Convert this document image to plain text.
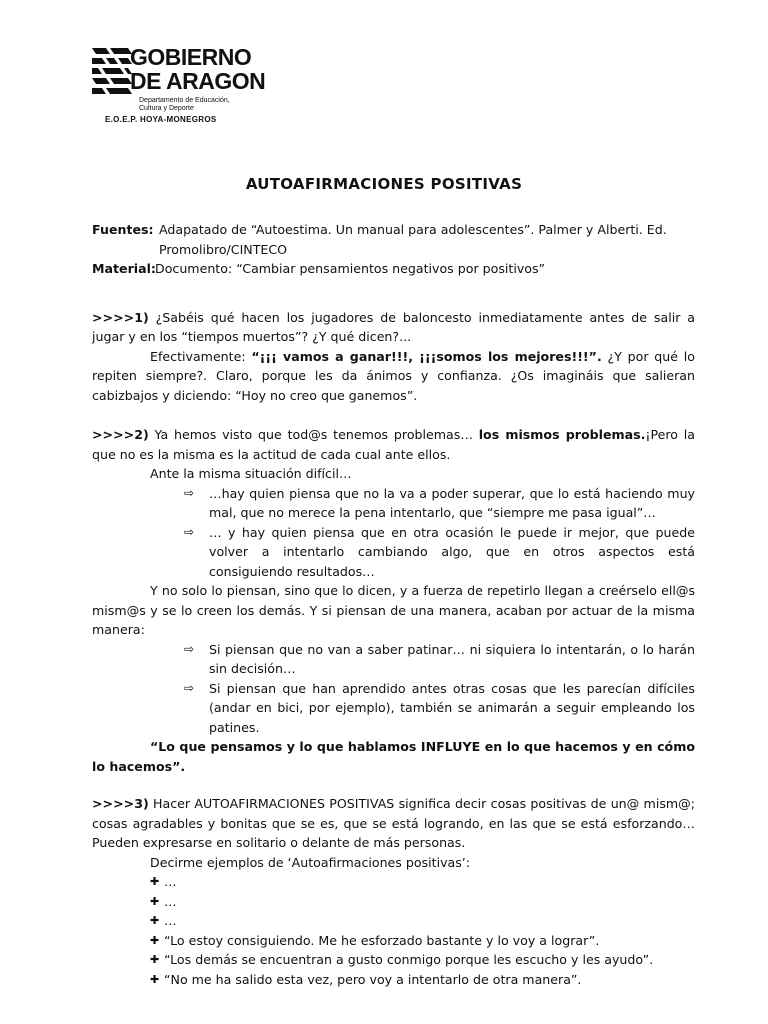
GOBIERNO
DE ARAGON
Departamento de Educación,
Cultura y Deporte
E.O.E.P. HOYA-MONEGROS
AUTOAFIRMACIONES POSITIVAS
Fuentes: Adapatado de “Autoestima. Un manual para adolescentes”. Palmer y Alberti. Ed.
Promolibro/CINTECO
Material: Documento: “Cambiar pensamientos negativos por positivos”

>>>>1) ¿Sabéis qué hacen los jugadores de baloncesto inmediatamente antes de salir a jugar y en los “tiempos muertos”? ¿Y qué dicen?...

Efectivamente: “¡¡¡ vamos a ganar!!!, ¡¡¡somos los mejores!!!”. ¿Y por qué lo repiten siempre?. Claro, porque les da ánimos y confianza. ¿Os imagináis que salieran cabizbajos y diciendo: “Hoy no creo que ganemos”.

>>>>2) Ya hemos visto que tod@s tenemos problemas… los mismos problemas.¡Pero la que no es la misma es la actitud de cada cual ante ellos.

Ante la misma situación difícil…

⇨	…hay quien piensa que no la va a poder superar, que lo está haciendo muy mal, que no merece la pena intentarlo, que “siempre me pasa igual”…
⇨	… y hay quien piensa que en otra ocasión le puede ir mejor, que puede volver a intentarlo cambiando algo, que en otros aspectos está consiguiendo resultados…

Y no solo lo piensan, sino que lo dicen, y a fuerza de repetirlo llegan a creérselo ell@s mism@s y se lo creen los demás. Y si piensan de una manera, acaban por actuar de la misma manera:

⇨	Si piensan que no van a saber patinar… ni siquiera lo intentarán, o lo harán sin decisión…
⇨	Si piensan que han aprendido antes otras cosas que les parecían difíciles (andar en bici, por ejemplo), también se animarán a seguir empleando los patines.

“Lo que pensamos y lo que hablamos INFLUYE en lo que hacemos y en cómo lo hacemos”.

>>>>3) Hacer AUTOAFIRMACIONES POSITIVAS significa decir cosas positivas de un@ mism@; cosas agradables y bonitas que se es, que se está logrando, en las que se está esforzando… Pueden expresarse en solitario o delante de más personas.

Decirme ejemplos de ‘Autoafirmaciones positivas’:

✚ …
✚ …
✚ …
✚ “Lo estoy consiguiendo. Me he esforzado bastante y lo voy a lograr”.
✚ “Los demás se encuentran a gusto conmigo porque les escucho y les ayudo”.
✚ “No me ha salido esta vez, pero voy a intentarlo de otra manera”.
